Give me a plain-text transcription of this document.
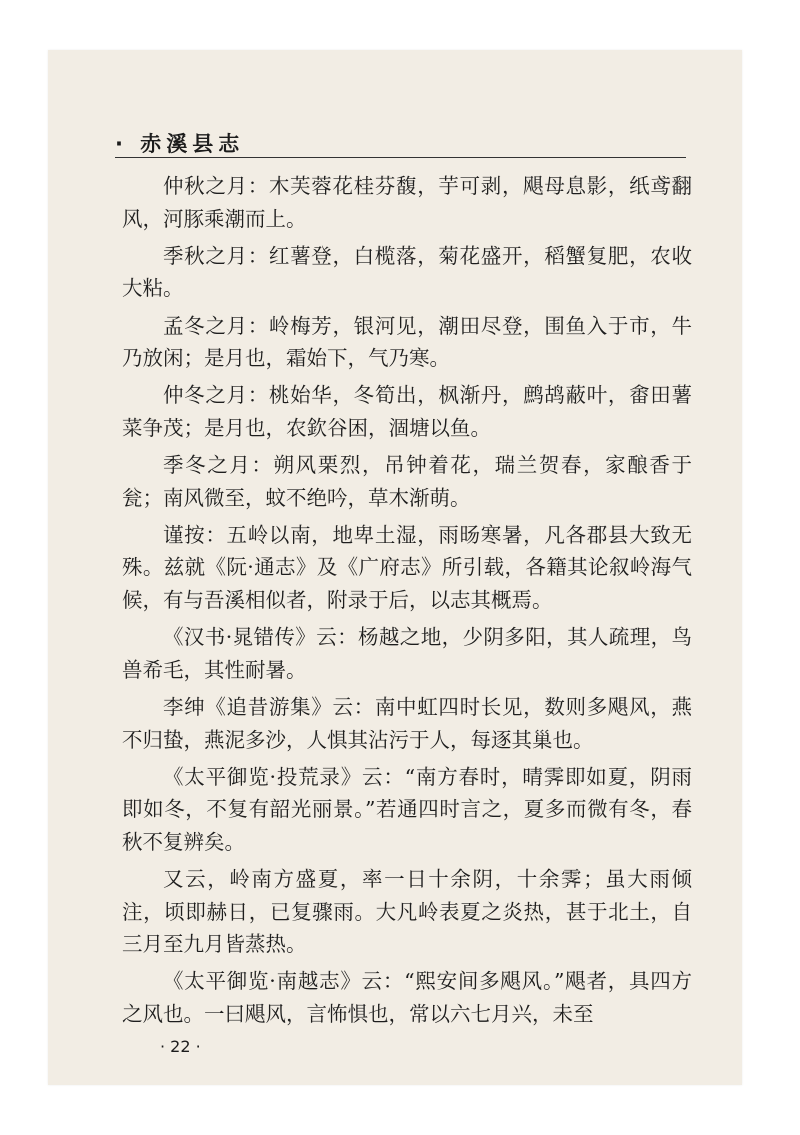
· 赤溪县志

仲秋之月：木芙蓉花桂芬馥，芋可剥，飓母息影，纸鸢翻风，河豚乘潮而上。

季秋之月：红薯登，白榄落，菊花盛开，稻蟹复肥，农收大粘。

孟冬之月：岭梅芳，银河见，潮田尽登，围鱼入于市，牛乃放闲；是月也，霜始下，气乃寒。

仲冬之月：桃始华，冬筍出，枫渐丹，鹧鸪蔽叶，畬田薯菜争茂；是月也，农欽谷困，涸塘以鱼。

季冬之月：朔风栗烈，吊钟着花，瑞兰贺春，家酿香于瓮；南风微至，蚊不绝吟，草木渐萌。

谨按：五岭以南，地卑土湿，雨旸寒暑，凡各郡县大致无殊。兹就《阮·通志》及《广府志》所引载，各籍其论叙岭海气候，有与吾溪相似者，附录于后，以志其概焉。

《汉书·晁错传》云：杨越之地，少阴多阳，其人疏理，鸟兽希毛，其性耐暑。

李绅《追昔游集》云：南中虹四时长见，数则多飓风，燕不归蛰，燕泥多沙，人惧其沾污于人，每逐其巢也。

《太平御览·投荒录》云：“南方春时，晴霁即如夏，阴雨即如冬，不复有韶光丽景。”若通四时言之，夏多而微有冬，春秋不复辨矣。

又云，岭南方盛夏，率一日十余阴，十余霁；虽大雨倾注，顷即赫日，已复骤雨。大凡岭表夏之炎热，甚于北土，自三月至九月皆蒸热。

《太平御览·南越志》云：“熙安间多飓风。”飓者，具四方之风也。一曰飓风，言怖惧也，常以六七月兴，未至

· 22 ·
